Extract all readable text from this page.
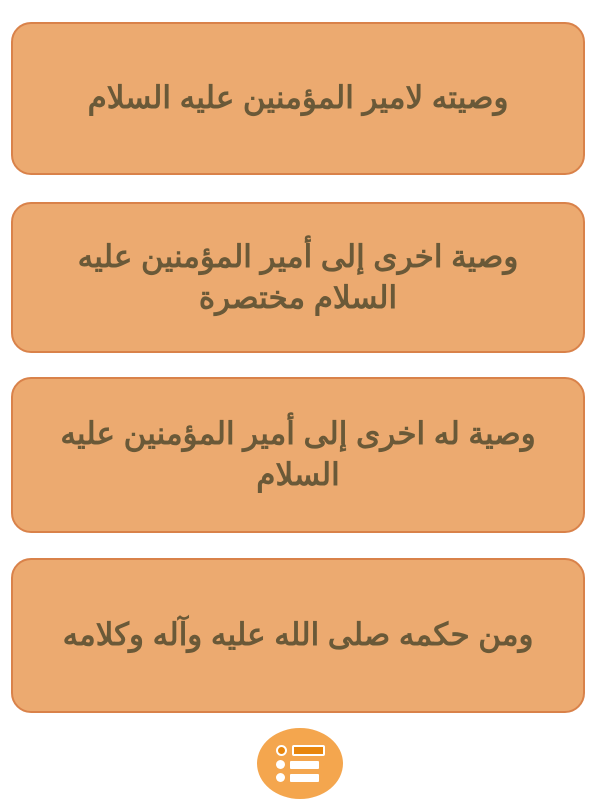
وصيته لامير المؤمنين عليه السلام
وصية اخرى إلى أمير المؤمنين عليه السلام مختصرة
وصية له اخرى إلى أمير المؤمنين عليه السلام
ومن حكمه صلى الله عليه وآله وكلامه
